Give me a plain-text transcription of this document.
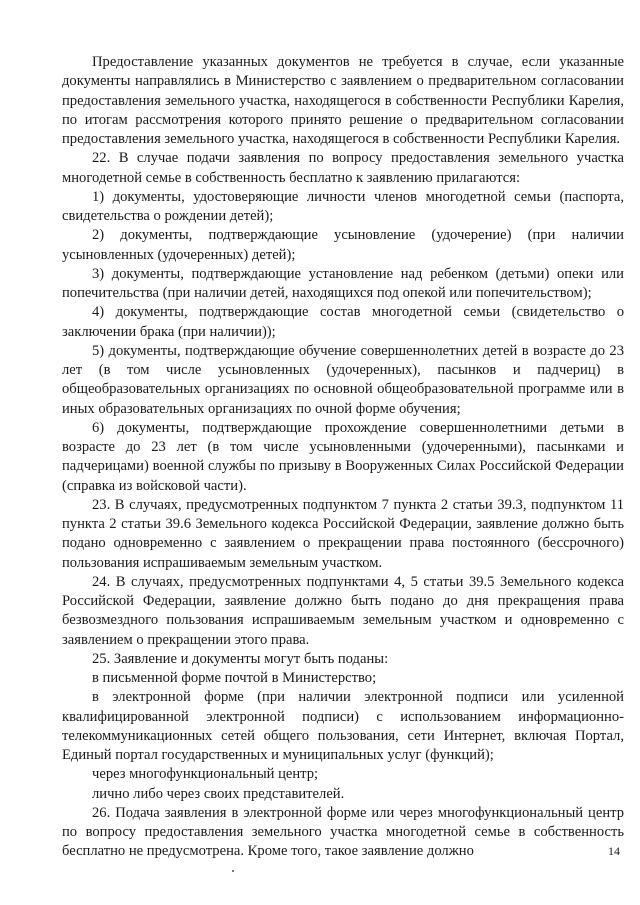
Предоставление указанных документов не требуется в случае, если указанные документы направлялись в Министерство с заявлением о предварительном согласовании предоставления земельного участка, находящегося в собственности Республики Карелия, по итогам рассмотрения которого принято решение о предварительном согласовании предоставления земельного участка, находящегося в собственности Республики Карелия.

22. В случае подачи заявления по вопросу предоставления земельного участка многодетной семье в собственность бесплатно к заявлению прилагаются:

1) документы, удостоверяющие личности членов многодетной семьи (паспорта, свидетельства о рождении детей);

2) документы, подтверждающие усыновление (удочерение) (при наличии усыновленных (удочеренных) детей);

3) документы, подтверждающие установление над ребенком (детьми) опеки или попечительства (при наличии детей, находящихся под опекой или попечительством);

4) документы, подтверждающие состав многодетной семьи (свидетельство о заключении брака (при наличии));

5) документы, подтверждающие обучение совершеннолетних детей в возрасте до 23 лет (в том числе усыновленных (удочеренных), пасынков и падчериц) в общеобразовательных организациях по основной общеобразовательной программе или в иных образовательных организациях по очной форме обучения;

6) документы, подтверждающие прохождение совершеннолетними детьми в возрасте до 23 лет (в том числе усыновленными (удочеренными), пасынками и падчерицами) военной службы по призыву в Вооруженных Силах Российской Федерации (справка из войсковой части).

23. В случаях, предусмотренных подпунктом 7 пункта 2 статьи 39.3, подпунктом 11 пункта 2 статьи 39.6 Земельного кодекса Российской Федерации, заявление должно быть подано одновременно с заявлением о прекращении права постоянного (бессрочного) пользования испрашиваемым земельным участком.

24. В случаях, предусмотренных подпунктами 4, 5 статьи 39.5 Земельного кодекса Российской Федерации, заявление должно быть подано до дня прекращения права безвозмездного пользования испрашиваемым земельным участком и одновременно с заявлением о прекращении этого права.

25. Заявление и документы могут быть поданы:

в письменной форме почтой в Министерство;

в электронной форме (при наличии электронной подписи или усиленной квалифицированной электронной подписи) с использованием информационно-телекоммуникационных сетей общего пользования, сети Интернет, включая Портал, Единый портал государственных и муниципальных услуг (функций);

через многофункциональный центр;

лично либо через своих представителей.

26. Подача заявления в электронной форме или через многофункциональный центр по вопросу предоставления земельного участка многодетной семье в собственность бесплатно не предусмотрена. Кроме того, такое заявление должно	14
